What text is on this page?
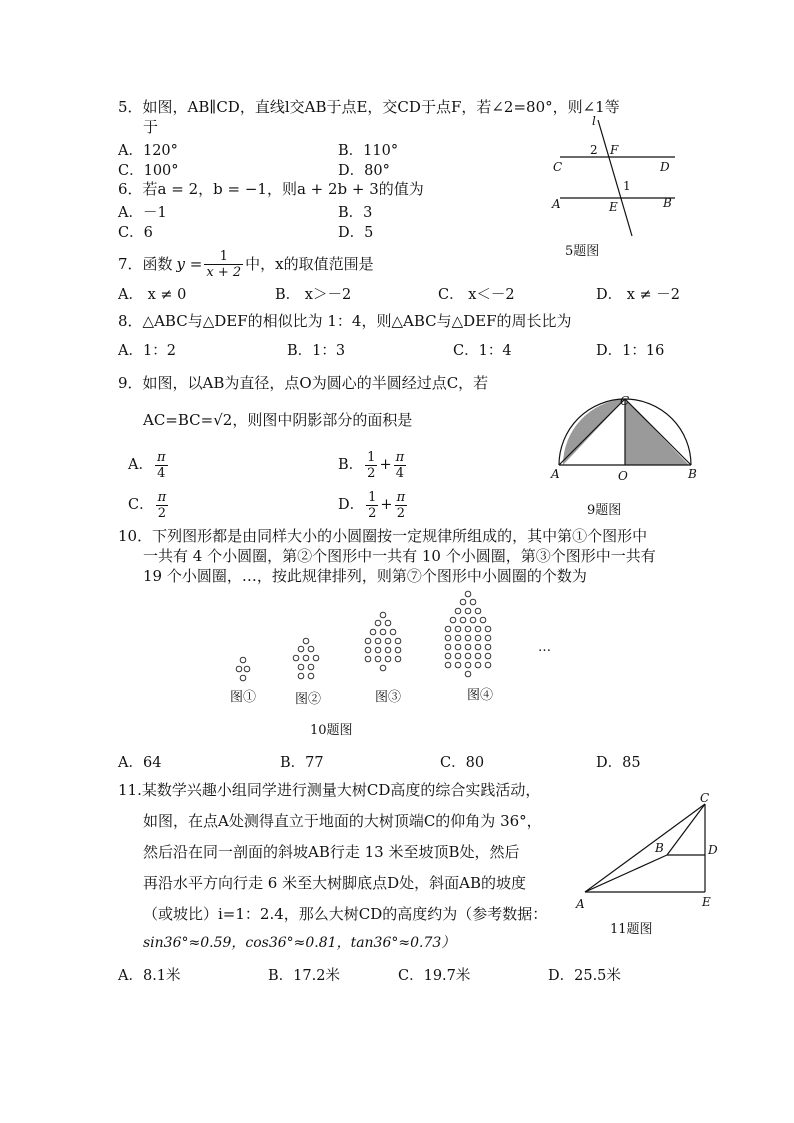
5．如图，AB∥CD，直线l交AB于点E，交CD于点F，若∠2=80°，则∠1等
于
A．120°	B．110°
C．100°	D．80°
l
2 F
C	D
1
A	E	B
5题图
6．若a = 2，b = −1，则a + 2b + 3的值为
A．－1	B．3
C．6	D．5
7．函数 $y = \frac{1}{x + 2}$ 中，x的取值范围是
A． x ≠ 0	B． x＞－2	C． x＜－2	D． x ≠ －2
8．△ABC与△DEF的相似比为 1：4，则△ABC与△DEF的周长比为
A．1：2	B．1：3	C．1：4	D．1：16
9．如图，以AB为直径，点O为圆心的半圆经过点C，若
AC=BC=√2，则图中阴影部分的面积是
A． $\frac{\pi}{4}$	B． $\frac{1}{2} + \frac{\pi}{4}$
C． $\frac{\pi}{2}$	D． $\frac{1}{2} + \frac{\pi}{2}$
C
A	O	B
9题图
10．下列图形都是由同样大小的小圆圈按一定规律所组成的，其中第①个图形中
一共有 4 个小圆圈，第②个图形中一共有 10 个小圆圈，第③个图形中一共有
19 个小圆圈，…，按此规律排列，则第⑦个图形中小圆圈的个数为
…
图①	图②	图③	图④
10题图
A．64	B．77	C．80	D．85
11.某数学兴趣小组同学进行测量大树CD高度的综合实践活动，
如图，在点A处测得直立于地面的大树顶端C的仰角为 36°，
然后沿在同一剖面的斜坡AB行走 13 米至坡顶B处，然后
再沿水平方向行走 6 米至大树脚底点D处，斜面AB的坡度
（或坡比）i=1：2.4，那么大树CD的高度约为（参考数据：
sin36°≈0.59，cos36°≈0.81，tan36°≈0.73）
C
B	D
A	E
11题图
A．8.1米	B．17.2米	C．19.7米	D．25.5米
